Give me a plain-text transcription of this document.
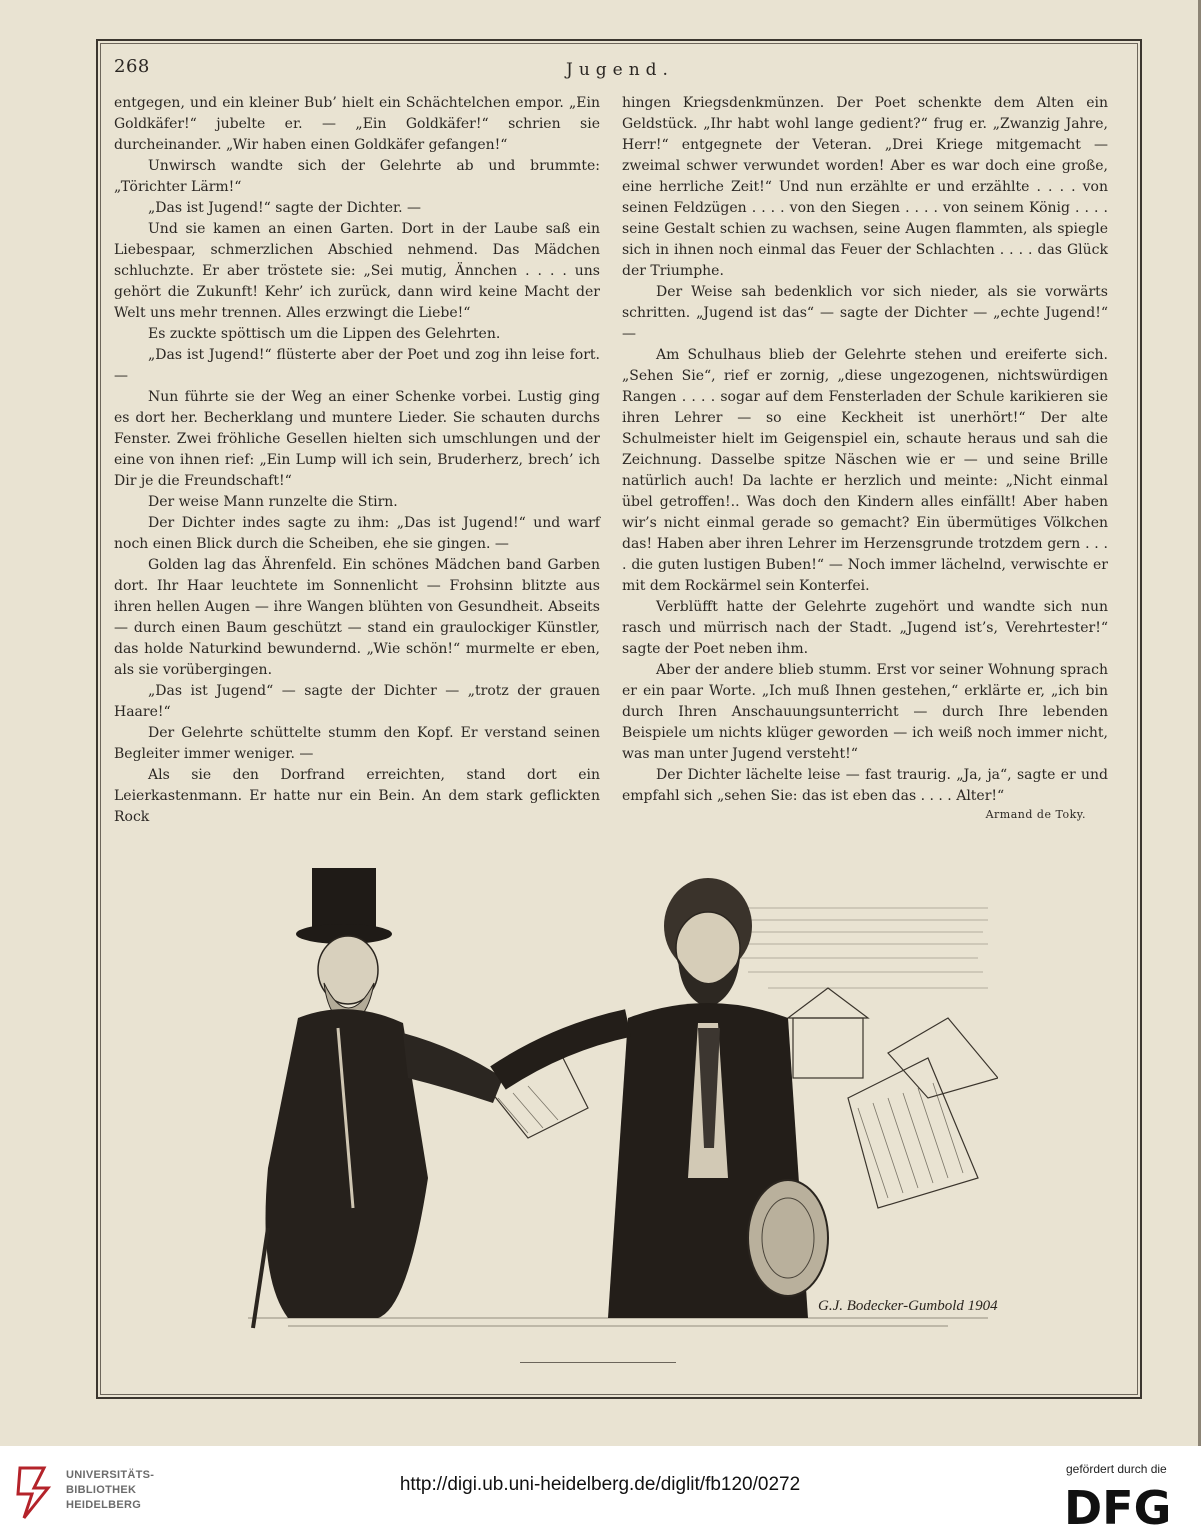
268	Jugend.

entgegen, und ein kleiner Bub’ hielt ein Schächtelchen empor. „Ein Goldkäfer!“ jubelte er. — „Ein Goldkäfer!“ schrien sie durcheinander. „Wir haben einen Goldkäfer gefangen!“

Unwirsch wandte sich der Gelehrte ab und brummte: „Törichter Lärm!“

„Das ist Jugend!“ sagte der Dichter. —

Und sie kamen an einen Garten. Dort in der Laube saß ein Liebespaar, schmerzlichen Abschied nehmend. Das Mädchen schluchzte. Er aber tröstete sie: „Sei mutig, Ännchen . . . . uns gehört die Zukunft! Kehr’ ich zurück, dann wird keine Macht der Welt uns mehr trennen. Alles erzwingt die Liebe!“

Es zuckte spöttisch um die Lippen des Gelehrten.

„Das ist Jugend!“ flüsterte aber der Poet und zog ihn leise fort. —

Nun führte sie der Weg an einer Schenke vorbei. Lustig ging es dort her. Becherklang und muntere Lieder. Sie schauten durchs Fenster. Zwei fröhliche Gesellen hielten sich umschlungen und der eine von ihnen rief: „Ein Lump will ich sein, Bruderherz, brech’ ich Dir je die Freundschaft!“

Der weise Mann runzelte die Stirn.

Der Dichter indes sagte zu ihm: „Das ist Jugend!“ und warf noch einen Blick durch die Scheiben, ehe sie gingen. —

Golden lag das Ährenfeld. Ein schönes Mädchen band Garben dort. Ihr Haar leuchtete im Sonnenlicht — Frohsinn blitzte aus ihren hellen Augen — ihre Wangen blühten von Gesundheit. Abseits — durch einen Baum geschützt — stand ein graulockiger Künstler, das holde Naturkind bewundernd. „Wie schön!“ murmelte er eben, als sie vorübergingen.

„Das ist Jugend“ — sagte der Dichter — „trotz der grauen Haare!“

Der Gelehrte schüttelte stumm den Kopf. Er verstand seinen Begleiter immer weniger. —

Als sie den Dorfrand erreichten, stand dort ein Leierkastenmann. Er hatte nur ein Bein. An dem stark geflickten Rock

hingen Kriegsdenkmünzen. Der Poet schenkte dem Alten ein Geldstück. „Ihr habt wohl lange gedient?“ frug er. „Zwanzig Jahre, Herr!“ entgegnete der Veteran. „Drei Kriege mitgemacht — zweimal schwer verwundet worden! Aber es war doch eine große, eine herrliche Zeit!“ Und nun erzählte er und erzählte . . . . von seinen Feldzügen . . . . von den Siegen . . . . von seinem König . . . . seine Gestalt schien zu wachsen, seine Augen flammten, als spiegle sich in ihnen noch einmal das Feuer der Schlachten . . . . das Glück der Triumphe.

Der Weise sah bedenklich vor sich nieder, als sie vorwärts schritten. „Jugend ist das“ — sagte der Dichter — „echte Jugend!“ —

Am Schulhaus blieb der Gelehrte stehen und ereiferte sich. „Sehen Sie“, rief er zornig, „diese ungezogenen, nichtswürdigen Rangen . . . . sogar auf dem Fensterladen der Schule karikieren sie ihren Lehrer — so eine Keckheit ist unerhört!“ Der alte Schulmeister hielt im Geigenspiel ein, schaute heraus und sah die Zeichnung. Dasselbe spitze Näschen wie er — und seine Brille natürlich auch! Da lachte er herzlich und meinte: „Nicht einmal übel getroffen!.. Was doch den Kindern alles einfällt! Aber haben wir’s nicht einmal gerade so gemacht? Ein übermütiges Völkchen das! Haben aber ihren Lehrer im Herzensgrunde trotzdem gern . . . . die guten lustigen Buben!“ — Noch immer lächelnd, verwischte er mit dem Rockärmel sein Konterfei.

Verblüfft hatte der Gelehrte zugehört und wandte sich nun rasch und mürrisch nach der Stadt. „Jugend ist’s, Verehrtester!“ sagte der Poet neben ihm.

Aber der andere blieb stumm. Erst vor seiner Wohnung sprach er ein paar Worte. „Ich muß Ihnen gestehen,“ erklärte er, „ich bin durch Ihren Anschauungsunterricht — durch Ihre lebenden Beispiele um nichts klüger geworden — ich weiß noch immer nicht, was man unter Jugend versteht!“

Der Dichter lächelte leise — fast traurig. „Ja, ja“, sagte er und empfahl sich „sehen Sie: das ist eben das . . . . Alter!“

Armand de Toky.
G.J. Bodecker-Gumbold 1904
UNIVERSITÄTS-
BIBLIOTHEK
HEIDELBERG
http://digi.ub.uni-heidelberg.de/diglit/fb120/0272
gefördert durch die
DFG
